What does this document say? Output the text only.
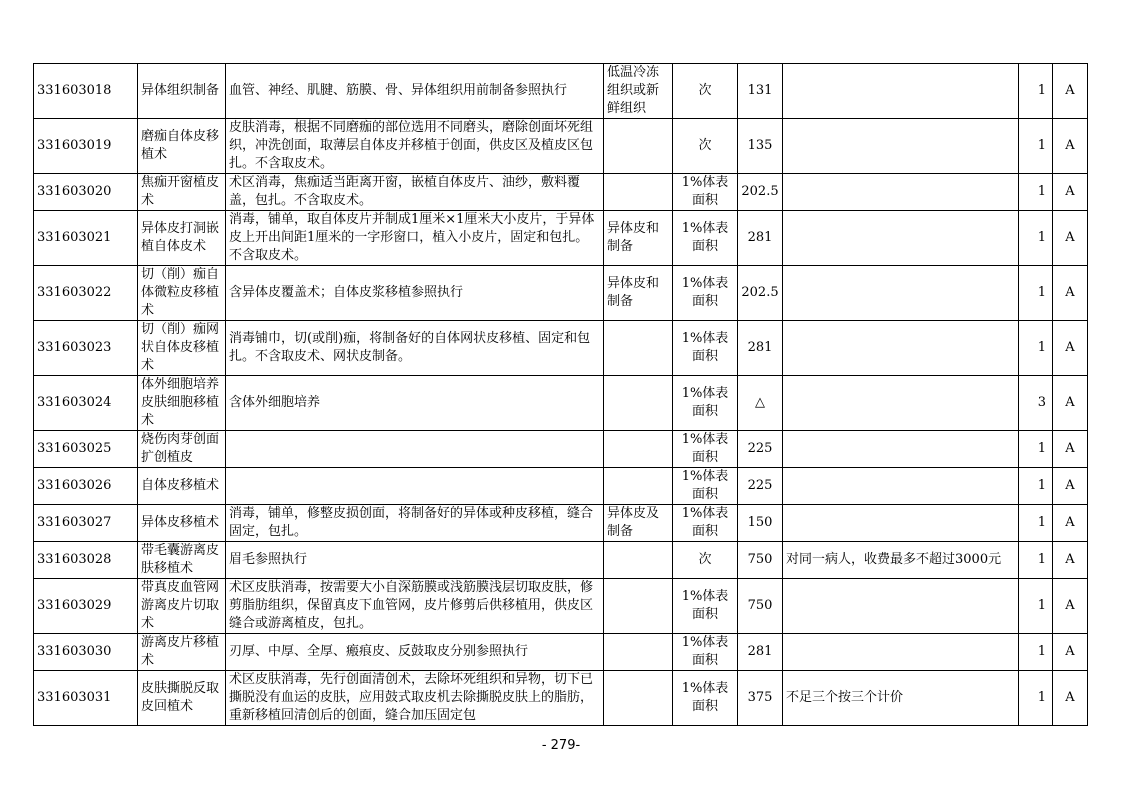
331603018	异体组织制备	血管、神经、肌腱、筋膜、骨、异体组织用前制备参照执行	低温冷冻组织或新鲜组织	次	131		1	A

331603019	磨痂自体皮移植术	皮肤消毒，根据不同磨痂的部位选用不同磨头，磨除创面坏死组织，冲洗创面，取薄层自体皮并移植于创面，供皮区及植皮区包扎。不含取皮术。		次	135		1	A

331603020	焦痂开窗植皮术	术区消毒，焦痂适当距离开窗，嵌植自体皮片、油纱，敷料覆盖，包扎。不含取皮术。		1%体表面积	202.5		1	A

331603021	异体皮打洞嵌植自体皮术	消毒，铺单，取自体皮片并制成1厘米×1厘米大小皮片，于异体皮上开出间距1厘米的一字形窗口，植入小皮片，固定和包扎。不含取皮术。	异体皮和制备	1%体表面积	281		1	A

331603022	切（削）痂自体微粒皮移植术	含异体皮覆盖术；自体皮浆移植参照执行	异体皮和制备	1%体表面积	202.5		1	A

331603023	切（削）痂网状自体皮移植术	消毒铺巾，切(或削)痂，将制备好的自体网状皮移植、固定和包扎。不含取皮术、网状皮制备。		1%体表面积	281		1	A

331603024	体外细胞培养皮肤细胞移植术	含体外细胞培养		1%体表面积	△		3	A

331603025	烧伤肉芽创面扩创植皮			1%体表面积	225		1	A

331603026	自体皮移植术			1%体表面积	225		1	A

331603027	异体皮移植术	消毒，铺单，修整皮损创面，将制备好的异体或种皮移植，缝合固定，包扎。	异体皮及制备	1%体表面积	150		1	A

331603028	带毛囊游离皮肤移植术	眉毛参照执行		次	750	对同一病人，收费最多不超过3000元	1	A

331603029	带真皮血管网游离皮片切取术	术区皮肤消毒，按需要大小自深筋膜或浅筋膜浅层切取皮肤，修剪脂肪组织，保留真皮下血管网，皮片修剪后供移植用，供皮区缝合或游离植皮，包扎。		1%体表面积	750		1	A

331603030	游离皮片移植术	刃厚、中厚、全厚、瘢痕皮、反鼓取皮分别参照执行		1%体表面积	281		1	A

331603031	皮肤撕脱反取皮回植术	术区皮肤消毒，先行创面清创术，去除坏死组织和异物，切下已撕脱没有血运的皮肤，应用鼓式取皮机去除撕脱皮肤上的脂肪，重新移植回清创后的创面，缝合加压固定包		1%体表面积	375	不足三个按三个计价	1	A
- 279-
